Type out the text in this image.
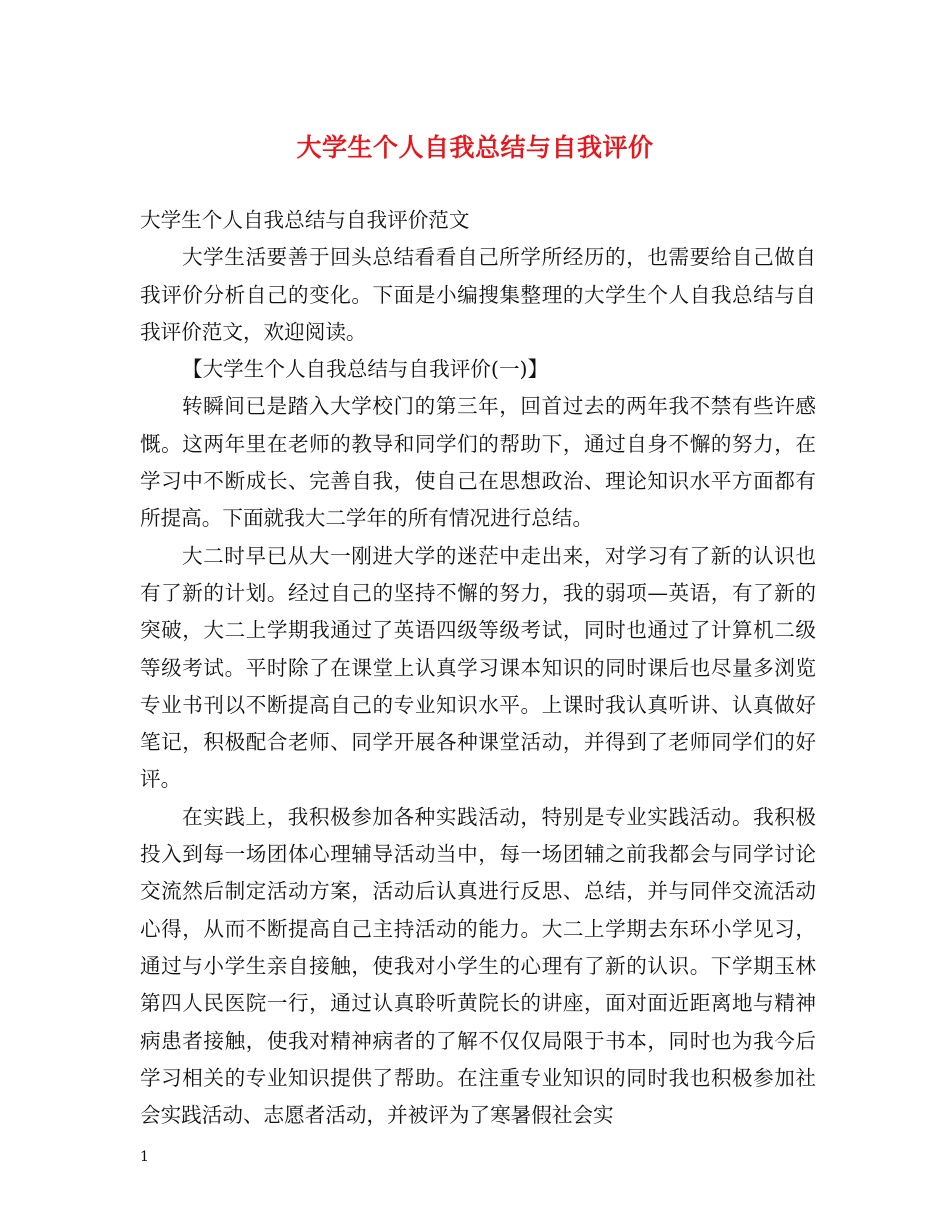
大学生个人自我总结与自我评价

大学生个人自我总结与自我评价范文

大学生活要善于回头总结看看自己所学所经历的，也需要给自己做自我评价分析自己的变化。下面是小编搜集整理的大学生个人自我总结与自我评价范文，欢迎阅读。

【大学生个人自我总结与自我评价(一)】

转瞬间已是踏入大学校门的第三年，回首过去的两年我不禁有些许感慨。这两年里在老师的教导和同学们的帮助下，通过自身不懈的努力，在学习中不断成长、完善自我，使自己在思想政治、理论知识水平方面都有所提高。下面就我大二学年的所有情况进行总结。

大二时早已从大一刚进大学的迷茫中走出来，对学习有了新的认识也有了新的计划。经过自己的坚持不懈的努力，我的弱项—英语，有了新的突破，大二上学期我通过了英语四级等级考试，同时也通过了计算机二级等级考试。平时除了在课堂上认真学习课本知识的同时课后也尽量多浏览专业书刊以不断提高自己的专业知识水平。上课时我认真听讲、认真做好笔记，积极配合老师、同学开展各种课堂活动，并得到了老师同学们的好评。

在实践上，我积极参加各种实践活动，特别是专业实践活动。我积极投入到每一场团体心理辅导活动当中，每一场团辅之前我都会与同学讨论交流然后制定活动方案，活动后认真进行反思、总结，并与同伴交流活动心得，从而不断提高自己主持活动的能力。大二上学期去东环小学见习，通过与小学生亲自接触，使我对小学生的心理有了新的认识。下学期玉林第四人民医院一行，通过认真聆听黄院长的讲座，面对面近距离地与精神病患者接触，使我对精神病者的了解不仅仅局限于书本，同时也为我今后学习相关的专业知识提供了帮助。在注重专业知识的同时我也积极参加社会实践活动、志愿者活动，并被评为了寒暑假社会实

1
